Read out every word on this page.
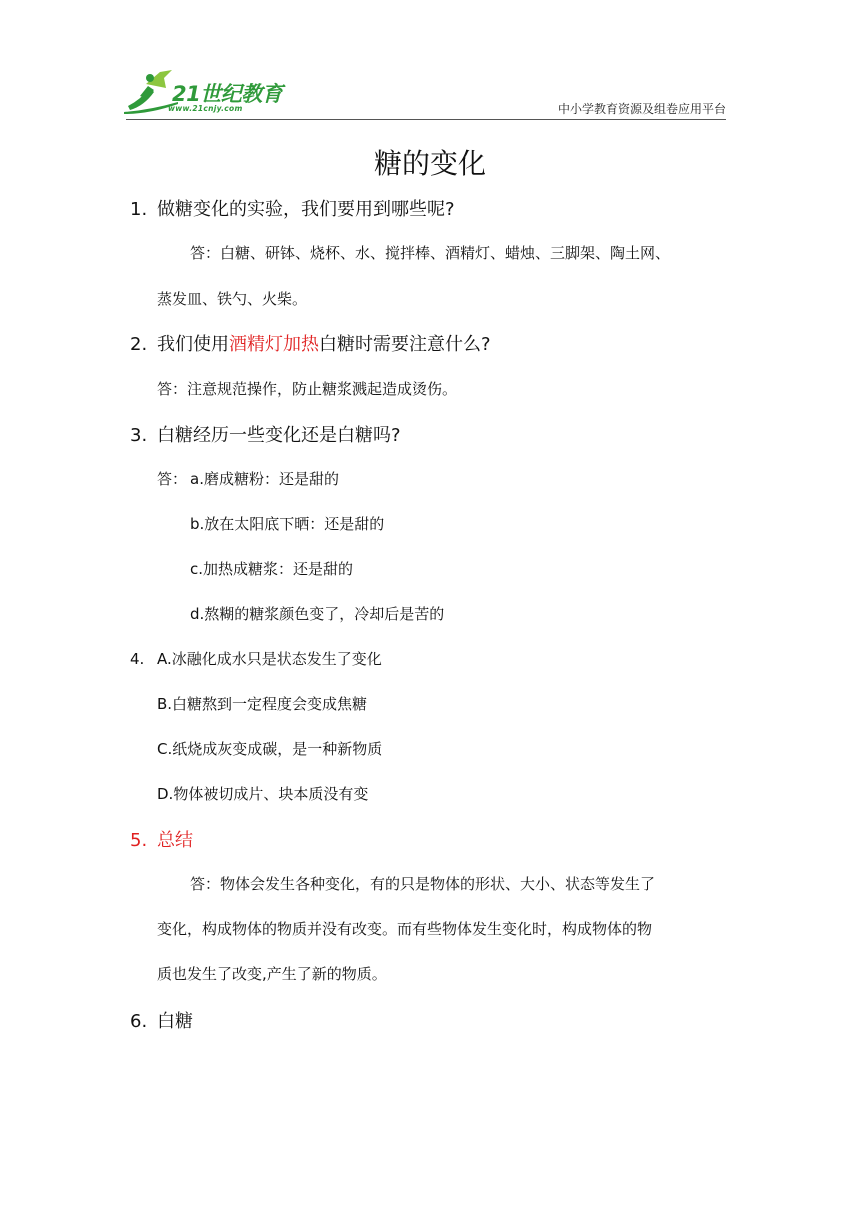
21世纪教育
www.21cnjy.com	中小学教育资源及组卷应用平台
糖的变化
1. 做糖变化的实验，我们要用到哪些呢?
答：白糖、研钵、烧杯、水、搅拌棒、酒精灯、蜡烛、三脚架、陶土网、
蒸发皿、铁勺、火柴。
2. 我们使用酒精灯加热白糖时需要注意什么?
答：注意规范操作，防止糖浆溅起造成烫伤。
3. 白糖经历一些变化还是白糖吗?
答： a.磨成糖粉：还是甜的
b.放在太阳底下晒：还是甜的
c.加热成糖浆：还是甜的
d.熬糊的糖浆颜色变了，冷却后是苦的
4. A.冰融化成水只是状态发生了变化
B.白糖熬到一定程度会变成焦糖
C.纸烧成灰变成碳，是一种新物质
D.物体被切成片、块本质没有变
5. 总结
答：物体会发生各种变化，有的只是物体的形状、大小、状态等发生了
变化，构成物体的物质并没有改变。而有些物体发生变化时，构成物体的物
质也发生了改变,产生了新的物质。
6. 白糖
